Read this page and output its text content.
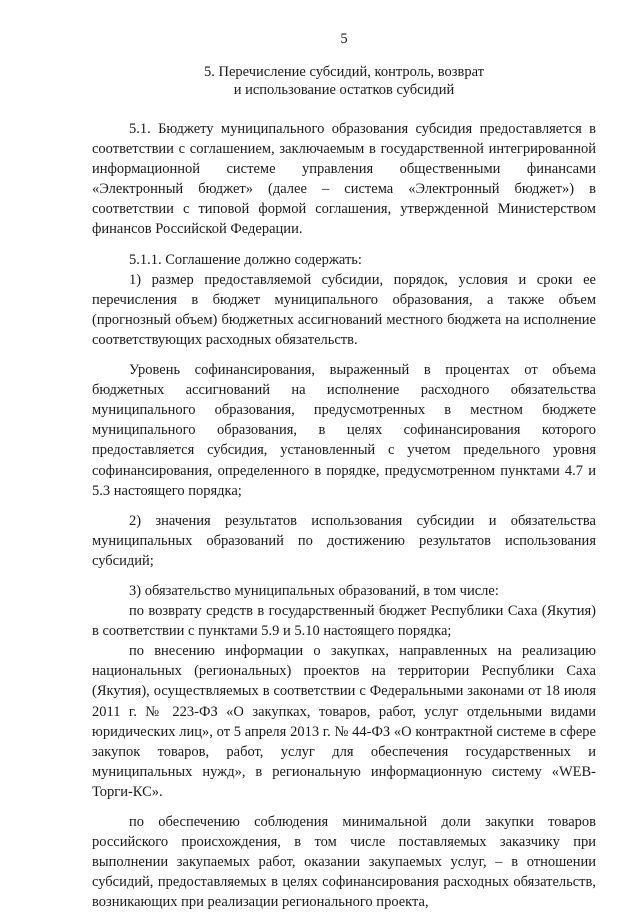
5
5. Перечисление субсидий, контроль, возврат
и использование остатков субсидий

5.1. Бюджету муниципального образования субсидия предоставляется в соответствии с соглашением, заключаемым в государственной интегрированной информационной системе управления общественными финансами «Электронный бюджет» (далее – система «Электронный бюджет») в соответствии с типовой формой соглашения, утвержденной Министерством финансов Российской Федерации.

5.1.1. Соглашение должно содержать:

1) размер предоставляемой субсидии, порядок, условия и сроки ее перечисления в бюджет муниципального образования, а также объем (прогнозный объем) бюджетных ассигнований местного бюджета на исполнение соответствующих расходных обязательств.

Уровень софинансирования, выраженный в процентах от объема бюджетных ассигнований на исполнение расходного обязательства муниципального образования, предусмотренных в местном бюджете муниципального образования, в целях софинансирования которого предоставляется субсидия, установленный с учетом предельного уровня софинансирования, определенного в порядке, предусмотренном пунктами 4.7 и 5.3 настоящего порядка;

2) значения результатов использования субсидии и обязательства муниципальных образований по достижению результатов использования субсидий;

3) обязательство муниципальных образований, в том числе:

по возврату средств в государственный бюджет Республики Саха (Якутия) в соответствии с пунктами 5.9 и 5.10 настоящего порядка;

по внесению информации о закупках, направленных на реализацию национальных (региональных) проектов на территории Республики Саха (Якутия), осуществляемых в соответствии с Федеральными законами от 18 июля 2011 г. № 223-ФЗ «О закупках, товаров, работ, услуг отдельными видами юридических лиц», от 5 апреля 2013 г. № 44-ФЗ «О контрактной системе в сфере закупок товаров, работ, услуг для обеспечения государственных и муниципальных нужд», в региональную информационную систему «WEB-Торги-КС».

по обеспечению соблюдения минимальной доли закупки товаров российского происхождения, в том числе поставляемых заказчику при выполнении закупаемых работ, оказании закупаемых услуг, – в отношении субсидий, предоставляемых в целях софинансирования расходных обязательств, возникающих при реализации регионального проекта,
